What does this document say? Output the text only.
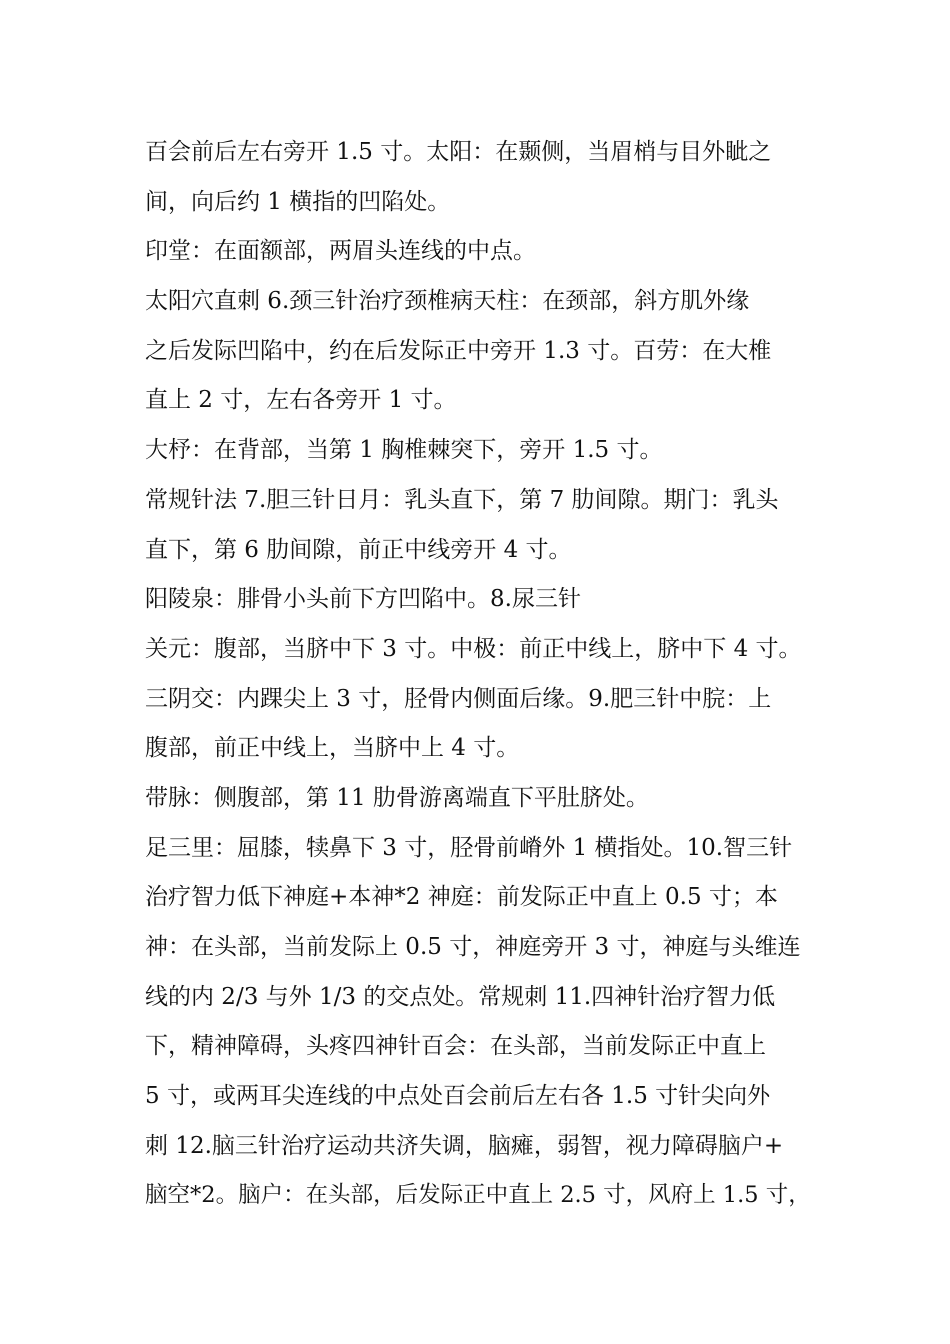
百会前后左右旁开 1.5 寸。太阳：在颞侧，当眉梢与目外眦之
间，向后约 1 横指的凹陷处。
印堂：在面额部，两眉头连线的中点。
太阳穴直刺 6.颈三针治疗颈椎病天柱：在颈部，斜方肌外缘
之后发际凹陷中，约在后发际正中旁开 1.3 寸。百劳：在大椎
直上 2 寸，左右各旁开 1 寸。
大杼：在背部，当第 1 胸椎棘突下，旁开 1.5 寸。
常规针法 7.胆三针日月：乳头直下，第 7 肋间隙。期门：乳头
直下，第 6 肋间隙，前正中线旁开 4 寸。
阳陵泉：腓骨小头前下方凹陷中。8.尿三针
关元：腹部，当脐中下 3 寸。中极：前正中线上，脐中下 4 寸。
三阴交：内踝尖上 3 寸，胫骨内侧面后缘。9.肥三针中脘：上
腹部，前正中线上，当脐中上 4 寸。
带脉：侧腹部，第 11 肋骨游离端直下平肚脐处。
足三里：屈膝，犊鼻下 3 寸，胫骨前嵴外 1 横指处。10.智三针
治疗智力低下神庭+本神*2 神庭：前发际正中直上 0.5 寸；本
神：在头部，当前发际上 0.5 寸，神庭旁开 3 寸，神庭与头维连
线的内 2/3 与外 1/3 的交点处。常规刺 11.四神针治疗智力低
下，精神障碍，头疼四神针百会：在头部，当前发际正中直上
5 寸，或两耳尖连线的中点处百会前后左右各 1.5 寸针尖向外
刺 12.脑三针治疗运动共济失调，脑瘫，弱智，视力障碍脑户+
脑空*2。脑户：在头部，后发际正中直上 2.5 寸，风府上 1.5 寸，
